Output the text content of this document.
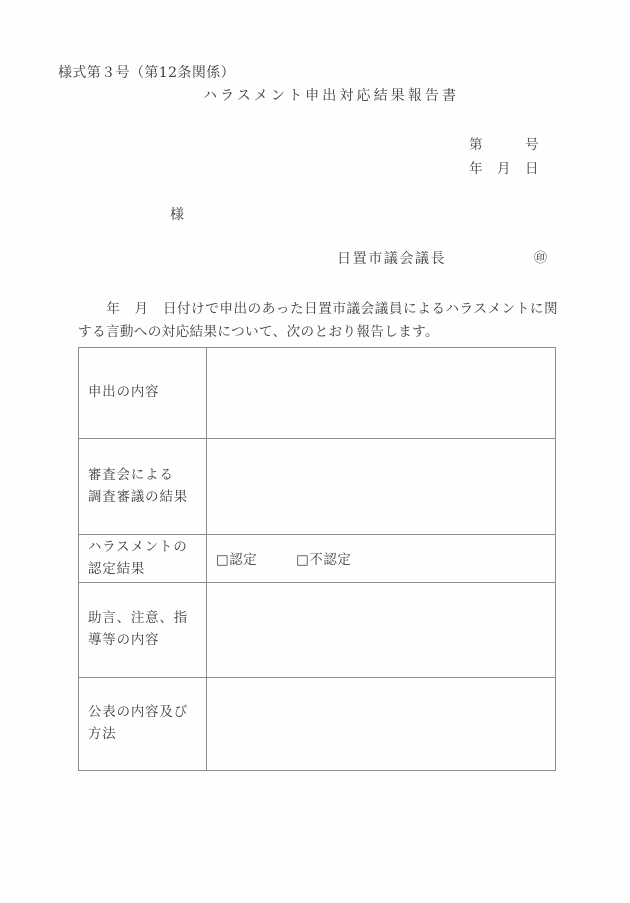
様式第３号（第12条関係）
ハラスメント申出対応結果報告書
第　　　号
年　月　日
様
日置市議会議長	㊞
　　年　月　日付けで申出のあった日置市議会議員によるハラスメントに関する言動への対応結果について、次のとおり報告します。
申出の内容	

審査会による
調査審議の結果	

ハラスメントの
認定結果	□認定 □不認定

助言、注意、指
導等の内容	

公表の内容及び
方法	
